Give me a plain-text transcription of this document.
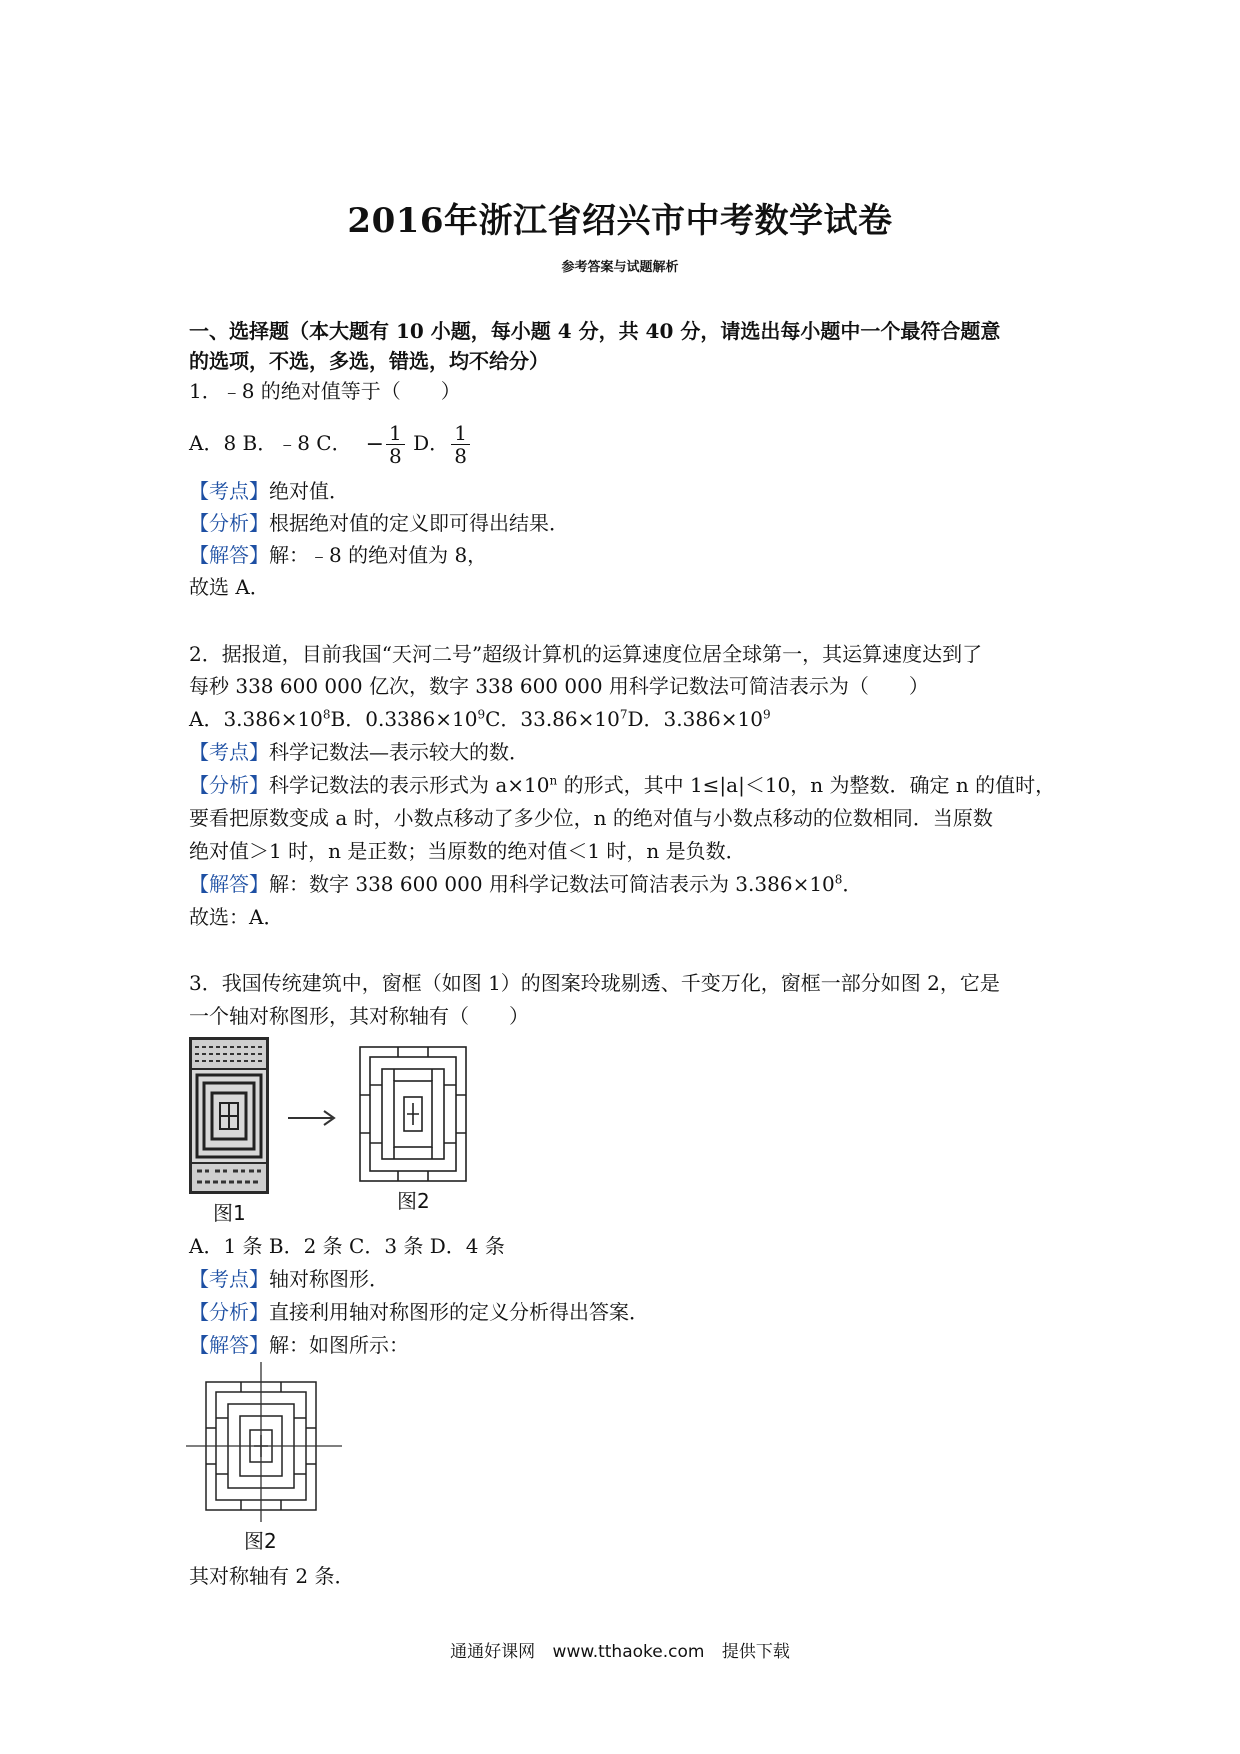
2016年浙江省绍兴市中考数学试卷
参考答案与试题解析
一、选择题（本大题有 10 小题，每小题 4 分，共 40 分，请选出每小题中一个最符合题意
的选项，不选，多选，错选，均不给分）
1．﹣8 的绝对值等于（　　）
A．8 B．﹣8 C． − $\frac{1}{8}$ D． $\frac{1}{8}$
【考点】绝对值．
【分析】根据绝对值的定义即可得出结果．
【解答】解：﹣8 的绝对值为 8，
故选 A．
2．据报道，目前我国“天河二号”超级计算机的运算速度位居全球第一，其运算速度达到了
每秒 338 600 000 亿次，数字 338 600 000 用科学记数法可简洁表示为（　　）
A．$3.386\times 10^8B$．$0.3386\times 10^9C$．$33.86\times 10^7D$．$3.386\times 10^9$
【考点】科学记数法—表示较大的数．
【分析】科学记数法的表示形式为 $a\times 10^n$ 的形式，其中 1≤|a|＜10，n 为整数．确定 n 的值时，
要看把原数变成 a 时，小数点移动了多少位，n 的绝对值与小数点移动的位数相同．当原数
绝对值＞1 时，n 是正数；当原数的绝对值＜1 时，n 是负数．
【解答】解：数字 338 600 000 用科学记数法可简洁表示为 $3.386\times 10^8$．
故选：A．
3．我国传统建筑中，窗框（如图 1）的图案玲珑剔透、千变万化，窗框一部分如图 2，它是
一个轴对称图形，其对称轴有（　　）
图1	图2
A．1 条 B．2 条 C．3 条 D．4 条
【考点】轴对称图形．
【分析】直接利用轴对称图形的定义分析得出答案．
【解答】解：如图所示：
图2
其对称轴有 2 条．
通通好课网 www.tthaoke.com 提供下载
